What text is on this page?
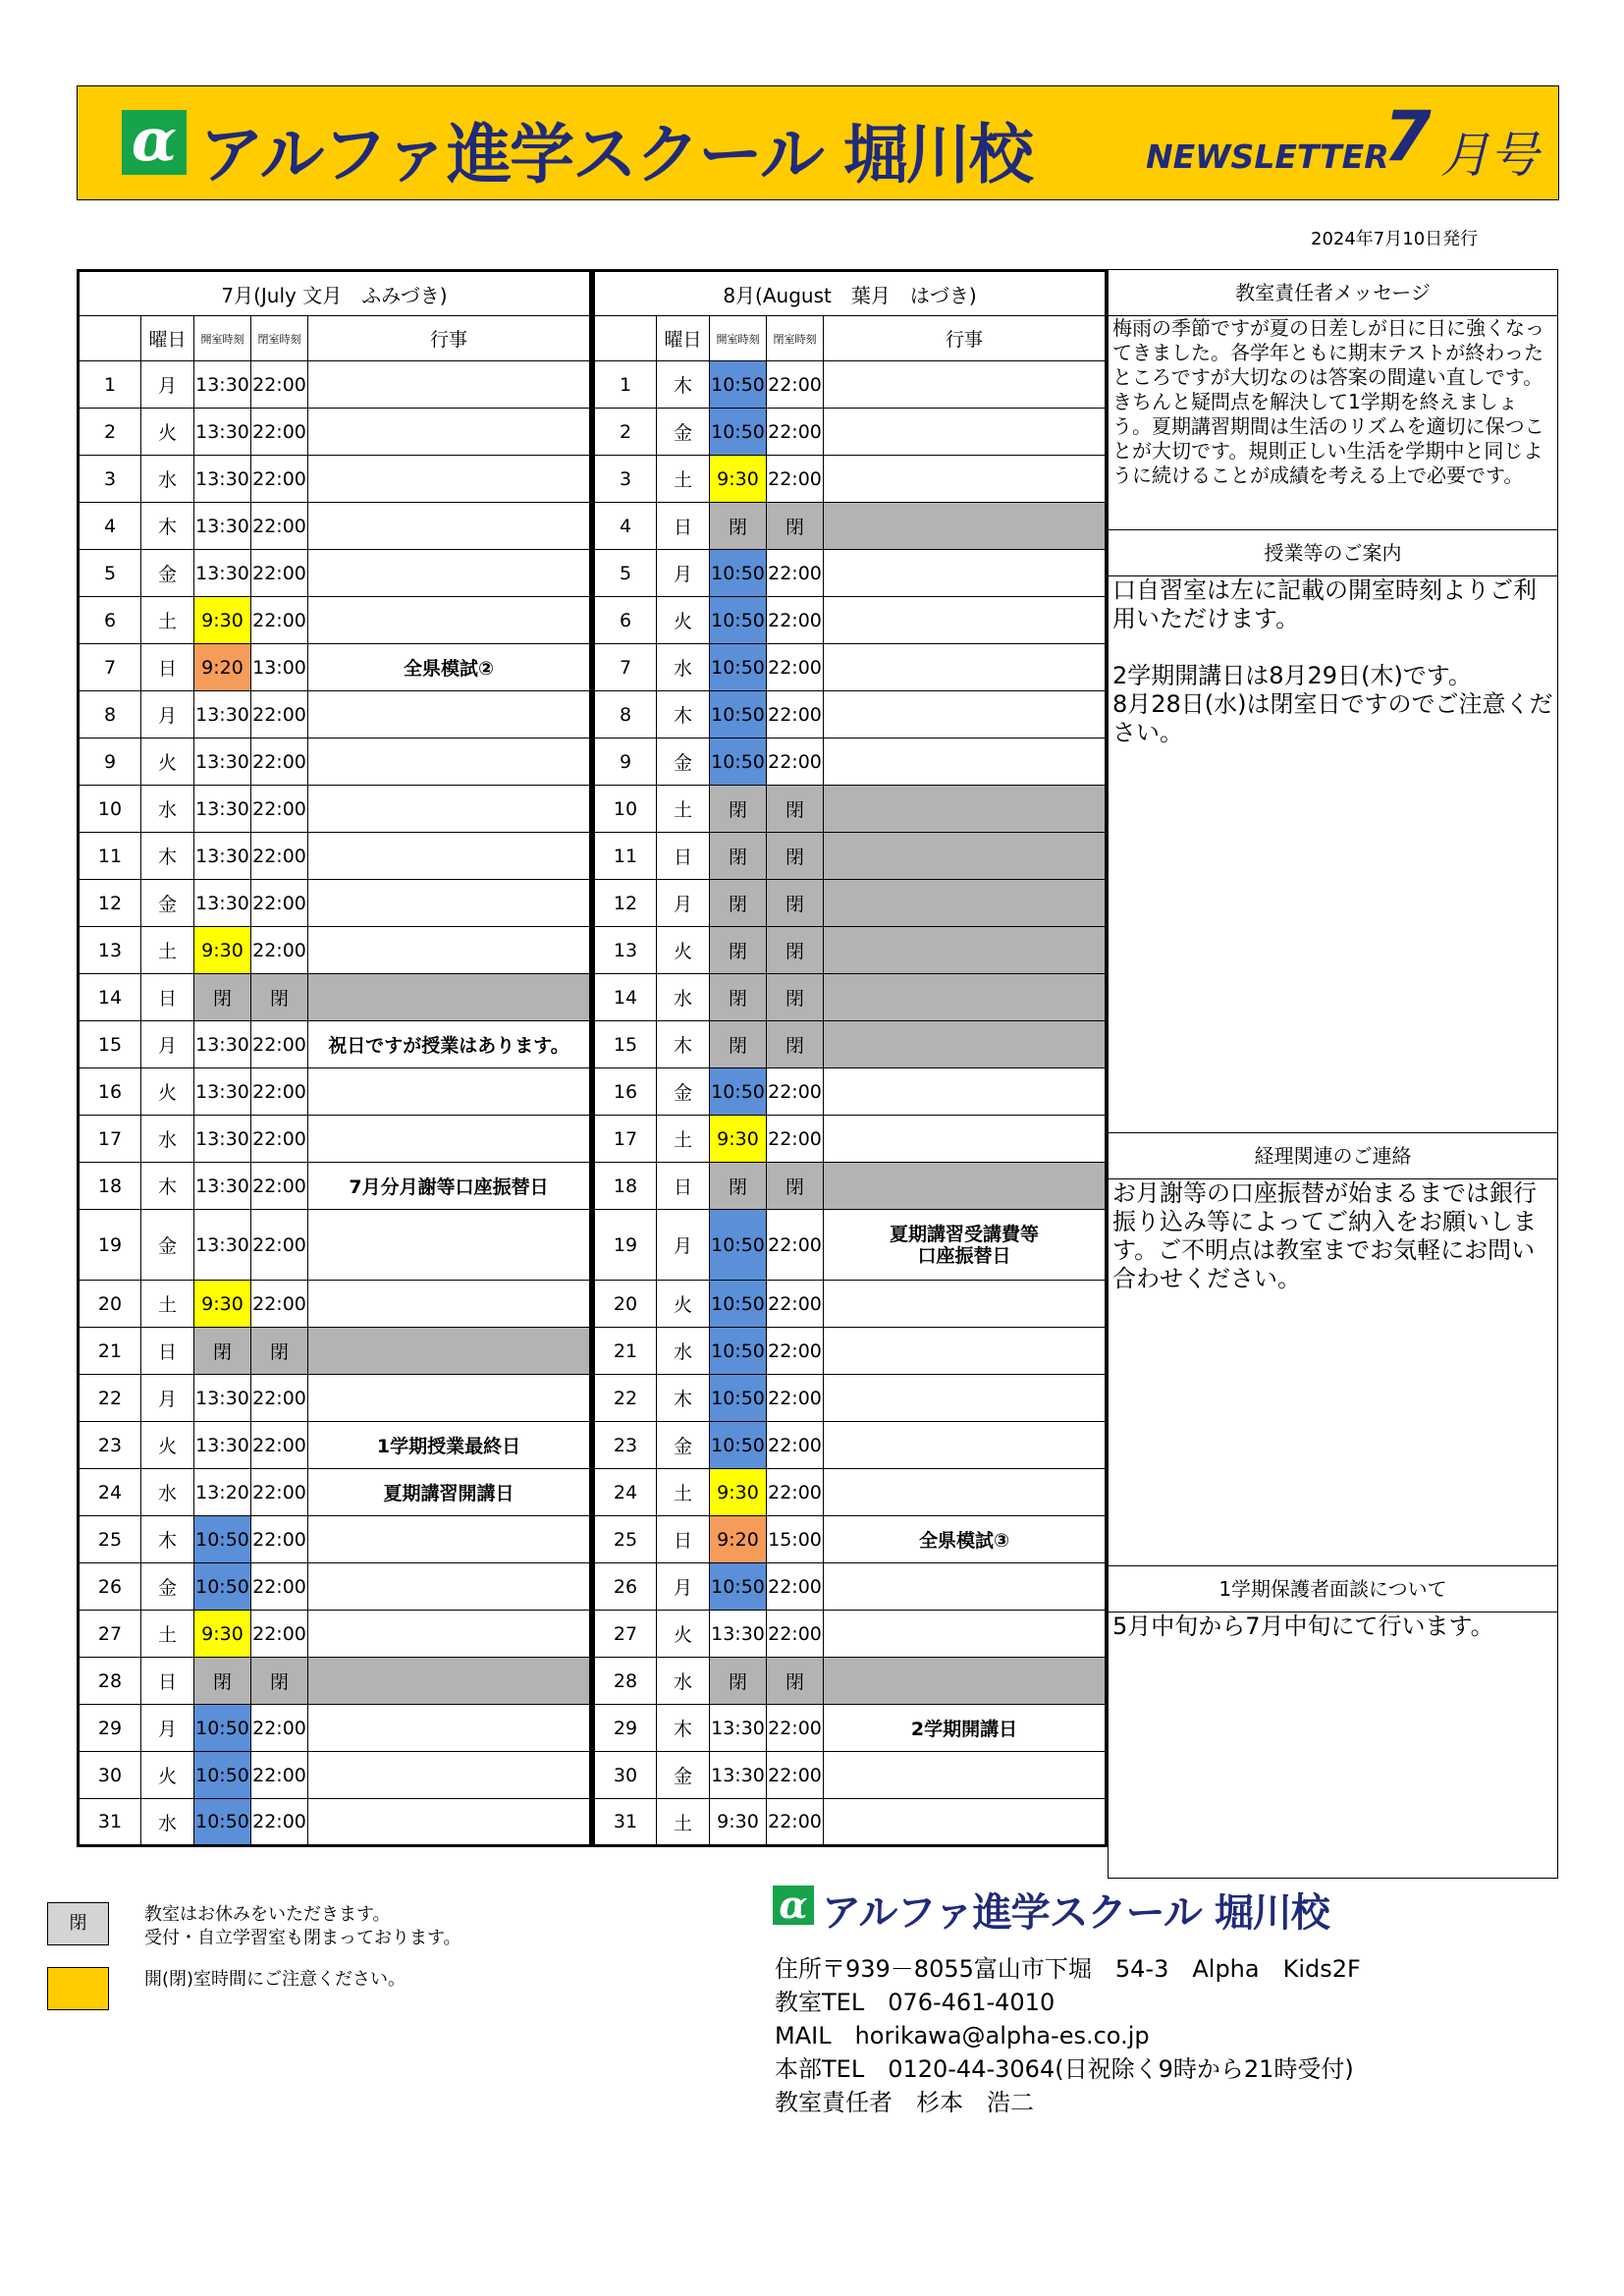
α アルファ進学スクール 堀川校	NEWSLETTER
7 月号
2024年7月10日発行
7月(July 文月　ふみづき)				
	曜日	開室時刻	閉室時刻	行事
1	月	13:30	22:00	
2	火	13:30	22:00	
3	水	13:30	22:00	
4	木	13:30	22:00	
5	金	13:30	22:00	
6	土	9:30	22:00	
7	日	9:20	13:00	全県模試②
8	月	13:30	22:00	
9	火	13:30	22:00	
10	水	13:30	22:00	
11	木	13:30	22:00	
12	金	13:30	22:00	
13	土	9:30	22:00	
14	日	閉	閉	
15	月	13:30	22:00	祝日ですが授業はあります。
16	火	13:30	22:00	
17	水	13:30	22:00	
18	木	13:30	22:00	7月分月謝等口座振替日
19	金	13:30	22:00	
20	土	9:30	22:00	
21	日	閉	閉	
22	月	13:30	22:00	
23	火	13:30	22:00	1学期授業最終日
24	水	13:20	22:00	夏期講習開講日
25	木	10:50	22:00	
26	金	10:50	22:00	
27	土	9:30	22:00	
28	日	閉	閉	
29	月	10:50	22:00	
30	火	10:50	22:00	
31	水	10:50	22:00	
8月(August　葉月　はづき)				
	曜日	開室時刻	閉室時刻	行事
1	木	10:50	22:00	
2	金	10:50	22:00	
3	土	9:30	22:00	
4	日	閉	閉	
5	月	10:50	22:00	
6	火	10:50	22:00	
7	水	10:50	22:00	
8	木	10:50	22:00	
9	金	10:50	22:00	
10	土	閉	閉	
11	日	閉	閉	
12	月	閉	閉	
13	火	閉	閉	
14	水	閉	閉	
15	木	閉	閉	
16	金	10:50	22:00	
17	土	9:30	22:00	
18	日	閉	閉	
19	月	10:50	22:00	夏期講習受講費等
口座振替日
20	火	10:50	22:00	
21	水	10:50	22:00	
22	木	10:50	22:00	
23	金	10:50	22:00	
24	土	9:30	22:00	
25	日	9:20	15:00	全県模試③
26	月	10:50	22:00	
27	火	13:30	22:00	
28	水	閉	閉	
29	木	13:30	22:00	2学期開講日
30	金	13:30	22:00	
31	土	9:30	22:00	
教室責任者メッセージ
梅雨の季節ですが夏の日差しが日に日に強くなってきました。各学年ともに期末テストが終わったところですが大切なのは答案の間違い直しです。きちんと疑問点を解決して1学期を終えましょう。夏期講習期間は生活のリズムを適切に保つことが大切です。規則正しい生活を学期中と同じように続けることが成績を考える上で必要です。
授業等のご案内
口自習室は左に記載の開室時刻よりご利用いただけます。

2学期開講日は8月29日(木)です。
8月28日(水)は閉室日ですのでご注意ください。
経理関連のご連絡
お月謝等の口座振替が始まるまでは銀行振り込み等によってご納入をお願いします。ご不明点は教室までお気軽にお問い合わせください。
1学期保護者面談について
5月中旬から7月中旬にて行います。
閉	教室はお休みをいただきます。
受付・自立学習室も閉まっております。
開(閉)室時間にご注意ください。
α アルファ進学スクール 堀川校
住所〒939－8055富山市下堀　54-3　Alpha　Kids2F
教室TEL　076-461-4010
MAIL　horikawa@alpha-es.co.jp
本部TEL　0120-44-3064(日祝除く9時から21時受付)
教室責任者　杉本　浩二
